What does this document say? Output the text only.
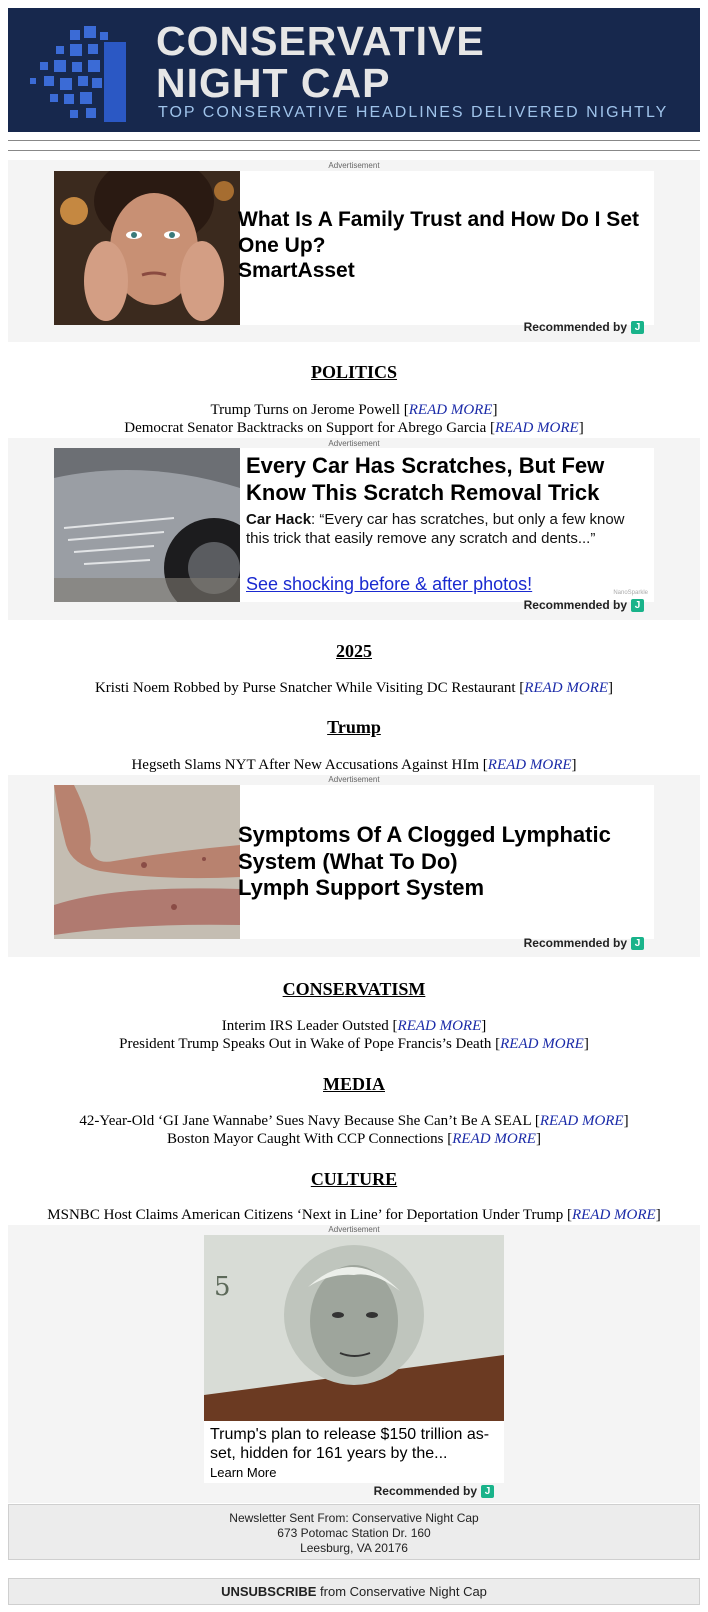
CONSERVATIVE
NIGHT CAP
TOP CONSERVATIVE HEADLINES DELIVERED NIGHTLY
Advertisement
What Is A Family Trust and How Do I Set One Up?
SmartAsset
Recommended by J
POLITICS
Trump Turns on Jerome Powell [READ MORE]
Democrat Senator Backtracks on Support for Abrego Garcia [READ MORE]
Advertisement
Every Car Has Scratches, But Few Know This Scratch Removal Trick
Car Hack: “Every car has scratches, but only a few know this trick that easily remove any scratch and dents...”
See shocking before & after photos!	NanoSparkle
Recommended by J
2025
Kristi Noem Robbed by Purse Snatcher While Visiting DC Restaurant [READ MORE]
Trump
Hegseth Slams NYT After New Accusations Against HIm [READ MORE]
Advertisement
Symptoms Of A Clogged Lymphatic System (What To Do)
Lymph Support System
Recommended by J
CONSERVATISM
Interim IRS Leader Outsted [READ MORE]
President Trump Speaks Out in Wake of Pope Francis’s Death [READ MORE]
MEDIA
42-Year-Old ‘GI Jane Wannabe’ Sues Navy Because She Can’t Be A SEAL [READ MORE]
Boston Mayor Caught With CCP Connections [READ MORE]
CULTURE
MSNBC Host Claims American Citizens ‘Next in Line’ for Deportation Under Trump [READ MORE]
Advertisement
5
Trump's plan to release $150 trillion asset, hidden for 161 years by the...
Learn More
Recommended by J
Newsletter Sent From: Conservative Night Cap
673 Potomac Station Dr. 160
Leesburg, VA 20176
UNSUBSCRIBE from Conservative Night Cap
